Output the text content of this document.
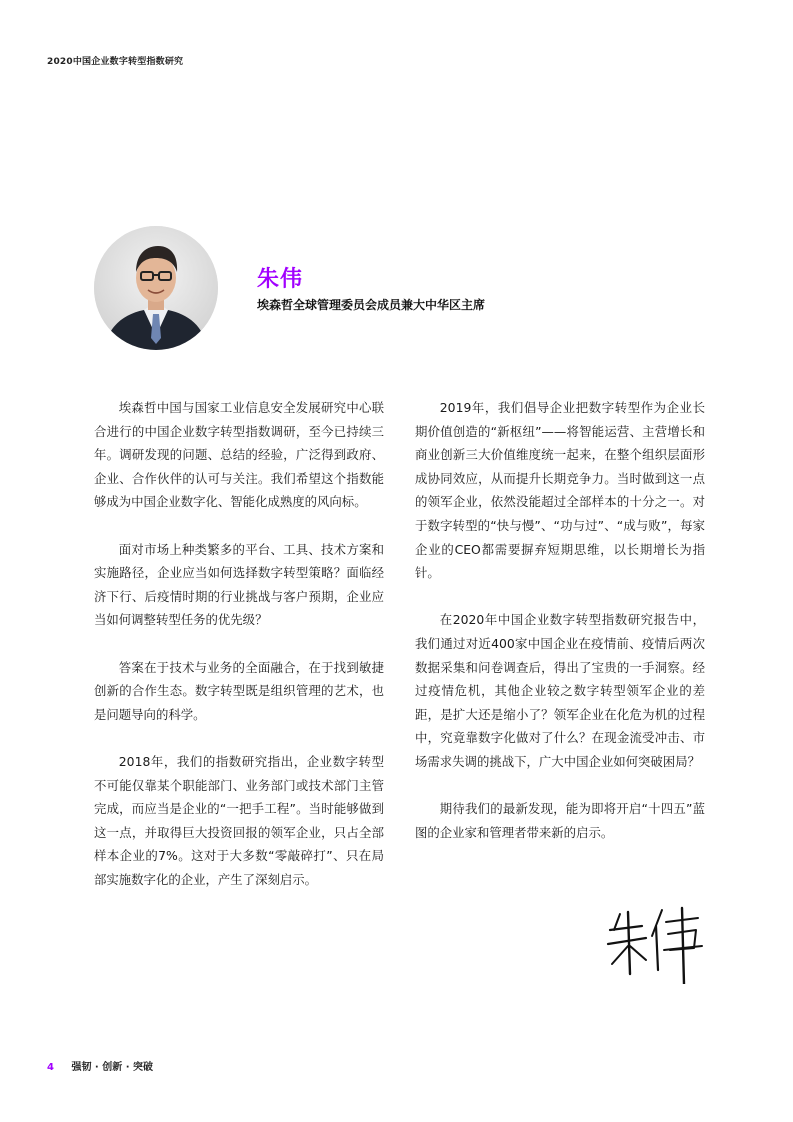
2020中国企业数字转型指数研究
朱伟
埃森哲全球管理委员会成员兼大中华区主席

埃森哲中国与国家工业信息安全发展研究中心联合进行的中国企业数字转型指数调研，至今已持续三年。调研发现的问题、总结的经验，广泛得到政府、企业、合作伙伴的认可与关注。我们希望这个指数能够成为中国企业数字化、智能化成熟度的风向标。

面对市场上种类繁多的平台、工具、技术方案和实施路径，企业应当如何选择数字转型策略？面临经济下行、后疫情时期的行业挑战与客户预期，企业应当如何调整转型任务的优先级？

答案在于技术与业务的全面融合，在于找到敏捷创新的合作生态。数字转型既是组织管理的艺术，也是问题导向的科学。

2018年，我们的指数研究指出，企业数字转型不可能仅靠某个职能部门、业务部门或技术部门主管完成，而应当是企业的“一把手工程”。当时能够做到这一点，并取得巨大投资回报的领军企业，只占全部样本企业的7%。这对于大多数“零敲碎打”、只在局部实施数字化的企业，产生了深刻启示。

2019年，我们倡导企业把数字转型作为企业长期价值创造的“新枢纽”——将智能运营、主营增长和商业创新三大价值维度统一起来，在整个组织层面形成协同效应，从而提升长期竞争力。当时做到这一点的领军企业，依然没能超过全部样本的十分之一。对于数字转型的“快与慢”、“功与过”、“成与败”，每家企业的CEO都需要摒弃短期思维，以长期增长为指针。

在2020年中国企业数字转型指数研究报告中，我们通过对近400家中国企业在疫情前、疫情后两次数据采集和问卷调查后，得出了宝贵的一手洞察。经过疫情危机，其他企业较之数字转型领军企业的差距，是扩大还是缩小了？领军企业在化危为机的过程中，究竟靠数字化做对了什么？在现金流受冲击、市场需求失调的挑战下，广大中国企业如何突破困局？

期待我们的最新发现，能为即将开启“十四五”蓝图的企业家和管理者带来新的启示。

4 强韧 · 创新 · 突破
